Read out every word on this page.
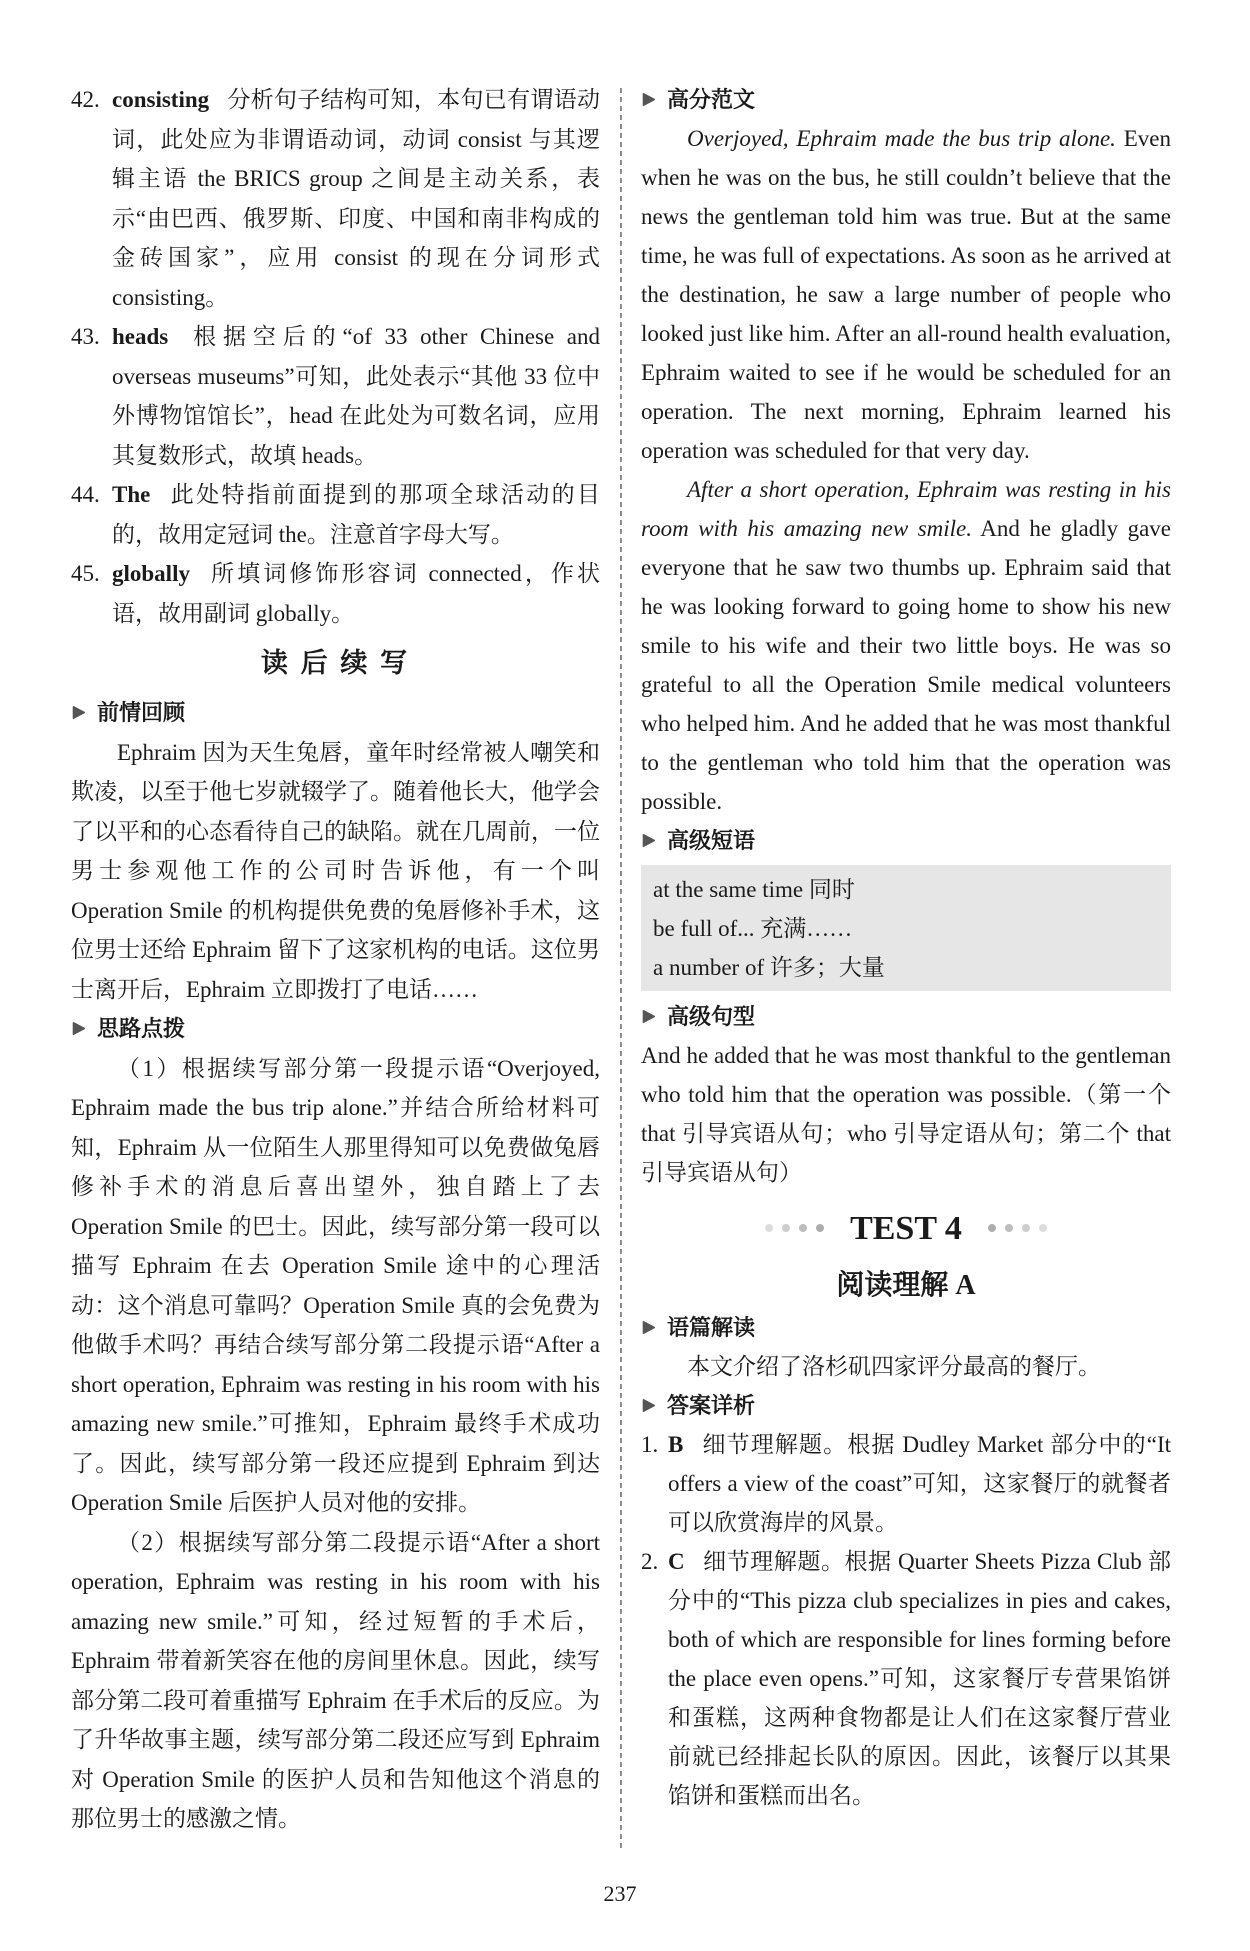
42. consisting 分析句子结构可知，本句已有谓语动词，此处应为非谓语动词，动词 consist 与其逻辑主语 the BRICS group 之间是主动关系，表示“由巴西、俄罗斯、印度、中国和南非构成的金砖国家”，应用 consist 的现在分词形式 consisting。

43. heads 根据空后的“of 33 other Chinese and overseas museums”可知，此处表示“其他 33 位中外博物馆馆长”，head 在此处为可数名词，应用其复数形式，故填 heads。

44. The 此处特指前面提到的那项全球活动的目的，故用定冠词 the。注意首字母大写。

45. globally 所填词修饰形容词 connected，作状语，故用副词 globally。

读 后 续 写
前情回顾

Ephraim 因为天生兔唇，童年时经常被人嘲笑和欺凌，以至于他七岁就辍学了。随着他长大，他学会了以平和的心态看待自己的缺陷。就在几周前，一位男士参观他工作的公司时告诉他，有一个叫 Operation Smile 的机构提供免费的兔唇修补手术，这位男士还给 Ephraim 留下了这家机构的电话。这位男士离开后，Ephraim 立即拨打了电话……

思路点拨

（1）根据续写部分第一段提示语“Overjoyed, Ephraim made the bus trip alone.”并结合所给材料可知，Ephraim 从一位陌生人那里得知可以免费做兔唇修补手术的消息后喜出望外，独自踏上了去 Operation Smile 的巴士。因此，续写部分第一段可以描写 Ephraim 在去 Operation Smile 途中的心理活动：这个消息可靠吗？Operation Smile 真的会免费为他做手术吗？再结合续写部分第二段提示语“After a short operation, Ephraim was resting in his room with his amazing new smile.”可推知，Ephraim 最终手术成功了。因此，续写部分第一段还应提到 Ephraim 到达 Operation Smile 后医护人员对他的安排。

（2）根据续写部分第二段提示语“After a short operation, Ephraim was resting in his room with his amazing new smile.”可知，经过短暂的手术后，Ephraim 带着新笑容在他的房间里休息。因此，续写部分第二段可着重描写 Ephraim 在手术后的反应。为了升华故事主题，续写部分第二段还应写到 Ephraim 对 Operation Smile 的医护人员和告知他这个消息的那位男士的感激之情。

高分范文

Overjoyed, Ephraim made the bus trip alone. Even when he was on the bus, he still couldn’t believe that the news the gentleman told him was true. But at the same time, he was full of expectations. As soon as he arrived at the destination, he saw a large number of people who looked just like him. After an all-round health evaluation, Ephraim waited to see if he would be scheduled for an operation. The next morning, Ephraim learned his operation was scheduled for that very day.

After a short operation, Ephraim was resting in his room with his amazing new smile. And he gladly gave everyone that he saw two thumbs up. Ephraim said that he was looking forward to going home to show his new smile to his wife and their two little boys. He was so grateful to all the Operation Smile medical volunteers who helped him. And he added that he was most thankful to the gentleman who told him that the operation was possible.

高级短语
at the same time 同时
be full of... 充满……
a number of 许多；大量
高级句型

And he added that he was most thankful to the gentleman who told him that the operation was possible.（第一个 that 引导宾语从句；who 引导定语从句；第二个 that 引导宾语从句）

TEST 4
阅读理解 A
语篇解读

本文介绍了洛杉矶四家评分最高的餐厅。

答案详析

1. B 细节理解题。根据 Dudley Market 部分中的“It offers a view of the coast”可知，这家餐厅的就餐者可以欣赏海岸的风景。

2. C 细节理解题。根据 Quarter Sheets Pizza Club 部分中的“This pizza club specializes in pies and cakes, both of which are responsible for lines forming before the place even opens.”可知，这家餐厅专营果馅饼和蛋糕，这两种食物都是让人们在这家餐厅营业前就已经排起长队的原因。因此，该餐厅以其果馅饼和蛋糕而出名。

237
